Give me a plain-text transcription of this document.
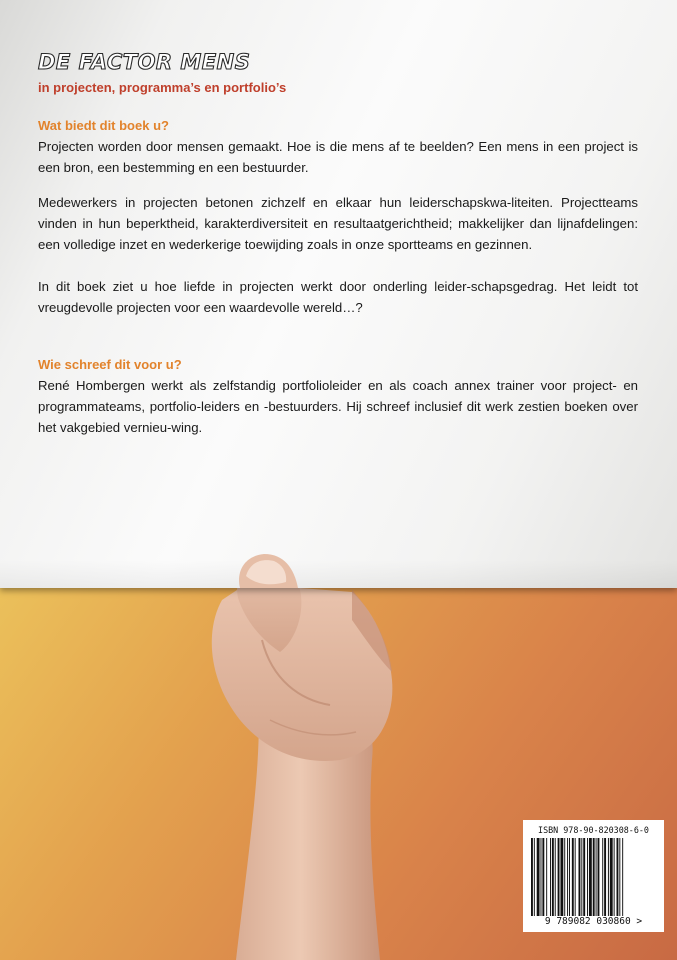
DE FACTOR MENS
in projecten, programma’s en portfolio’s
Wat biedt dit boek u?

Projecten worden door mensen gemaakt. Hoe is die mens af te beelden? Een mens in een project is een bron, een bestemming en een bestuurder.

Medewerkers in projecten betonen zichzelf en elkaar hun leiderschapskwa-liteiten. Projectteams vinden in hun beperktheid, karakterdiversiteit en resultaatgerichtheid; makkelijker dan lijnafdelingen: een volledige inzet en wederkerige toewijding zoals in onze sportteams en gezinnen.

In dit boek ziet u hoe liefde in projecten werkt door onderling leider-schapsgedrag. Het leidt tot vreugdevolle projecten voor een waardevolle wereld…?

Wie schreef dit voor u?

René Hombergen werkt als zelfstandig portfolioleider en als coach annex trainer voor project- en programmateams, portfolio-leiders en -bestuurders. Hij schreef inclusief dit werk zestien boeken over het vakgebied vernieu-wing.

ISBN 978-90-820308-6-0
9 789082 030860 >
